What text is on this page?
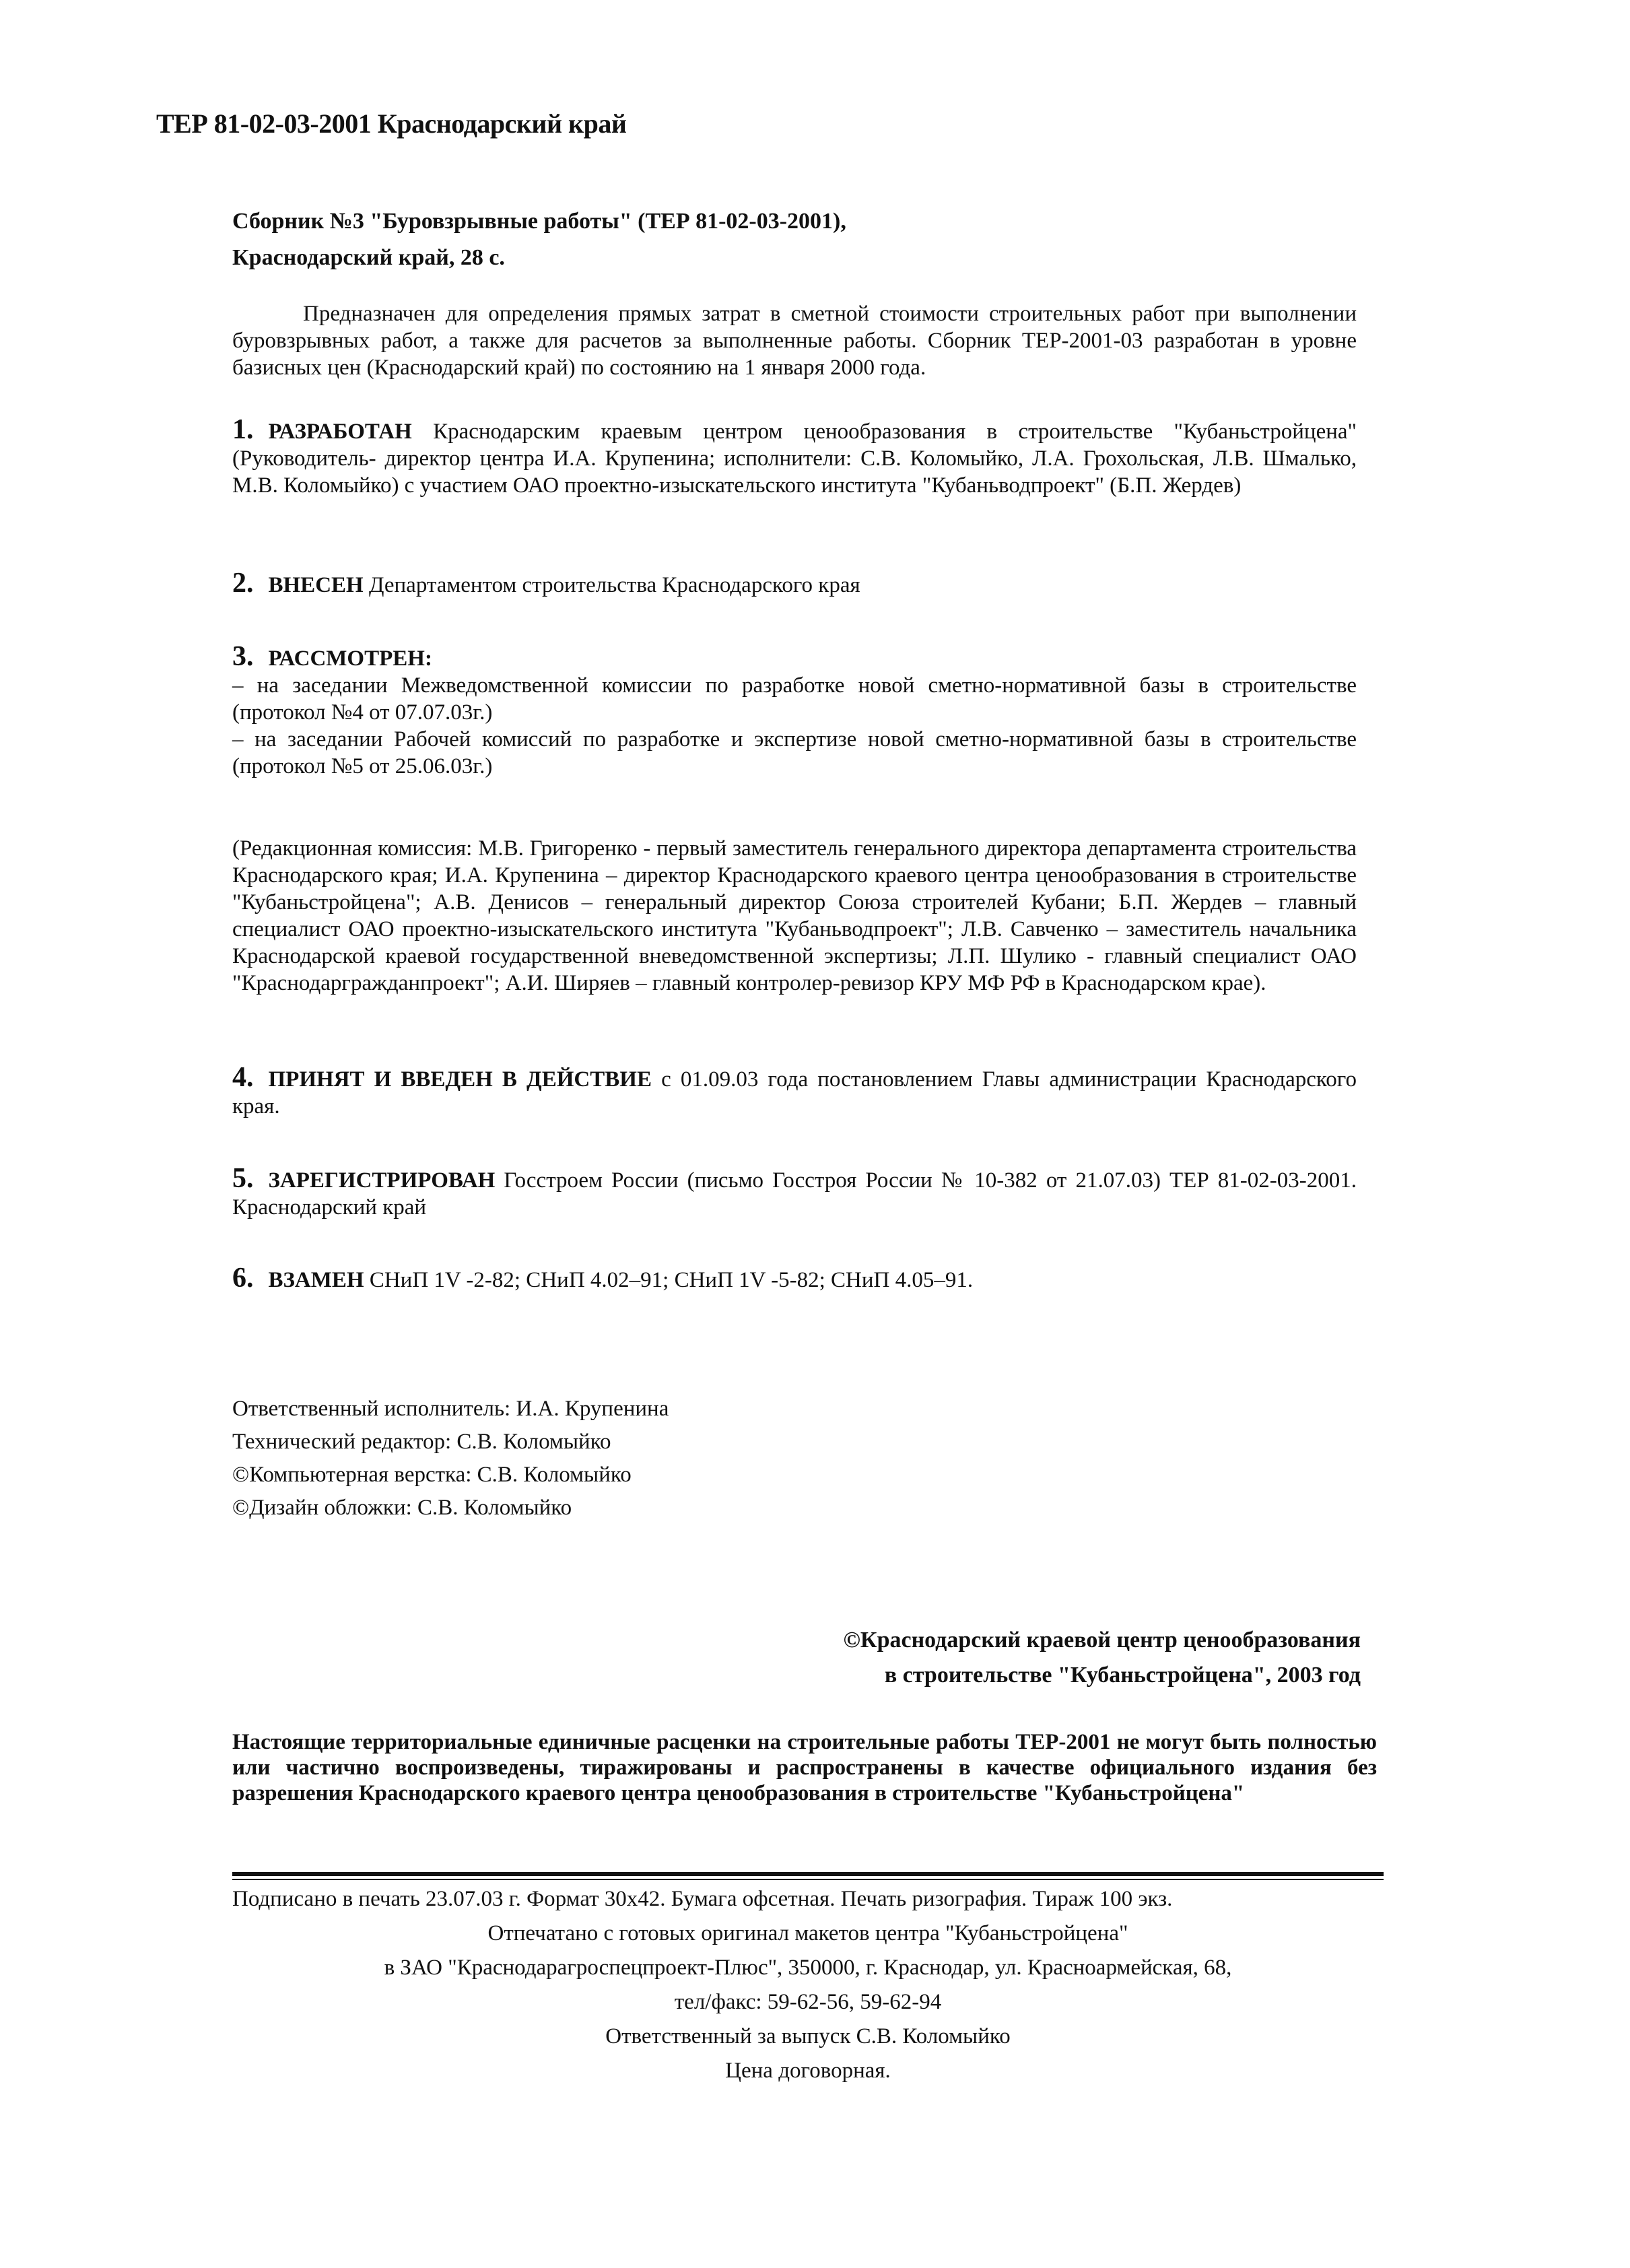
ТЕР 81-02-03-2001 Краснодарский край
Сборник №3 "Буровзрывные работы" (ТЕР 81-02-03-2001),
Краснодарский край, 28 с.
Предназначен для определения прямых затрат в сметной стоимости строительных работ при выполнении буровзрывных работ, а также для расчетов за выполненные работы. Сборник ТЕР-2001-03 разработан в уровне базисных цен (Краснодарский край) по состоянию на 1 января 2000 года.
1. РАЗРАБОТАН Краснодарским краевым центром ценообразования в строительстве "Кубаньстройцена" (Руководитель- директор центра И.А. Крупенина; исполнители: С.В. Коломыйко, Л.А. Грохольская, Л.В. Шмалько, М.В. Коломыйко) с участием ОАО проектно-изыскательского института "Кубаньводпроект" (Б.П. Жердев)
2. ВНЕСЕН Департаментом строительства Краснодарского края
3. РАССМОТРЕН:
– на заседании Межведомственной комиссии по разработке новой сметно-нормативной базы в строительстве (протокол №4 от 07.07.03г.)
– на заседании Рабочей комиссий по разработке и экспертизе новой сметно-нормативной базы в строительстве (протокол №5 от 25.06.03г.)
(Редакционная комиссия: М.В. Григоренко - первый заместитель генерального директора департамента строительства Краснодарского края; И.А. Крупенина – директор Краснодарского краевого центра ценообразования в строительстве "Кубаньстройцена"; А.В. Денисов – генеральный директор Союза строителей Кубани; Б.П. Жердев – главный специалист ОАО проектно-изыскательского института "Кубаньводпроект"; Л.В. Савченко – заместитель начальника Краснодарской краевой государственной вневедомственной экспертизы; Л.П. Шулико - главный специалист ОАО "Краснодаргражданпроект"; А.И. Ширяев – главный контролер-ревизор КРУ МФ РФ в Краснодарском крае).
4. ПРИНЯТ И ВВЕДЕН В ДЕЙСТВИЕ с 01.09.03 года постановлением Главы администрации Краснодарского края.
5. ЗАРЕГИСТРИРОВАН Госстроем России (письмо Госстроя России № 10-382 от 21.07.03) ТЕР 81-02-03-2001. Краснодарский край
6. ВЗАМЕН СНиП 1V -2-82; СНиП 4.02–91; СНиП 1V -5-82; СНиП 4.05–91.
Ответственный исполнитель: И.А. Крупенина
Технический редактор: С.В. Коломыйко
©Компьютерная верстка: С.В. Коломыйко
©Дизайн обложки: С.В. Коломыйко
©Краснодарский краевой центр ценообразования
в строительстве "Кубаньстройцена", 2003 год
Настоящие территориальные единичные расценки на строительные работы ТЕР-2001 не могут быть полностью или частично воспроизведены, тиражированы и распространены в качестве официального издания без разрешения Краснодарского краевого центра ценообразования в строительстве "Кубаньстройцена"
Подписано в печать 23.07.03 г. Формат 30х42. Бумага офсетная. Печать ризография. Тираж 100 экз.
Отпечатано с готовых оригинал макетов центра "Кубаньстройцена"
в ЗАО "Краснодарагроспецпроект-Плюс", 350000, г. Краснодар, ул. Красноармейская, 68,
тел/факс: 59-62-56, 59-62-94
Ответственный за выпуск С.В. Коломыйко
Цена договорная.
